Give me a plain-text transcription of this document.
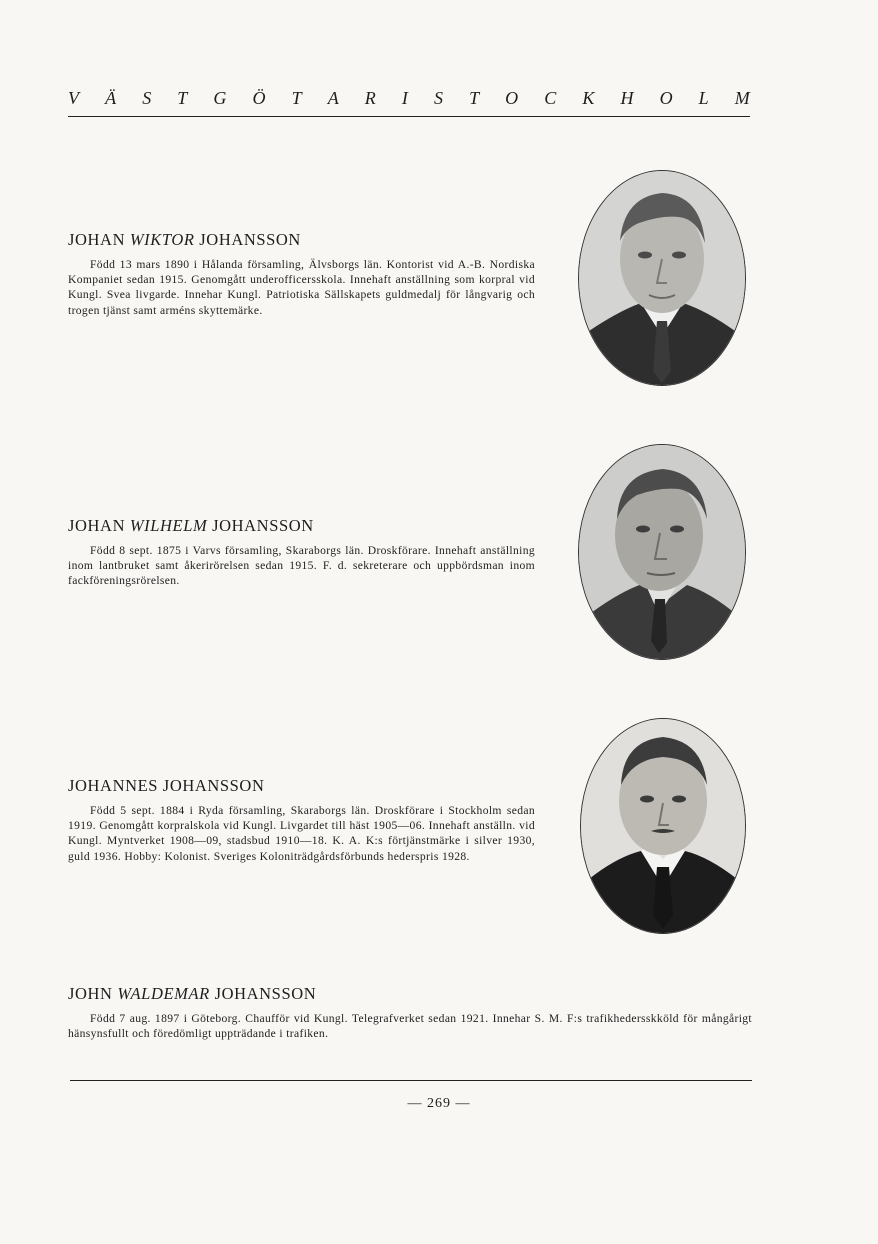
V Ä S T G Ö T A R I S T O C K H O L M
JOHAN WIKTOR JOHANSSON
Född 13 mars 1890 i Hålanda församling, Älvsborgs län. Kontorist vid A.-B. Nordiska Kompaniet sedan 1915. Genomgått underofficersskola. Innehaft anställning som korpral vid Kungl. Svea livgarde. Innehar Kungl. Patriotiska Sällskapets guldmedalj för långvarig och trogen tjänst samt arméns skyttemärke.
JOHAN WILHELM JOHANSSON
Född 8 sept. 1875 i Varvs församling, Skaraborgs län. Droskförare. Innehaft anställning inom lantbruket samt åkerirörelsen sedan 1915. F. d. sekreterare och uppbördsman inom fackföreningsrörelsen.
JOHANNES JOHANSSON
Född 5 sept. 1884 i Ryda församling, Skaraborgs län. Droskförare i Stockholm sedan 1919. Genomgått korpralskola vid Kungl. Livgardet till häst 1905—06. Innehaft anställn. vid Kungl. Myntverket 1908—09, stadsbud 1910—18. K. A. K:s förtjänstmärke i silver 1930, guld 1936. Hobby: Kolonist. Sveriges Koloniträdgårdsförbunds hederspris 1928.
JOHN WALDEMAR JOHANSSON
Född 7 aug. 1897 i Göteborg. Chaufför vid Kungl. Telegrafverket sedan 1921. Innehar S. M. F:s trafikhedersskköld för mångårigt hänsynsfullt och föredömligt uppträdande i trafiken.
— 269 —
